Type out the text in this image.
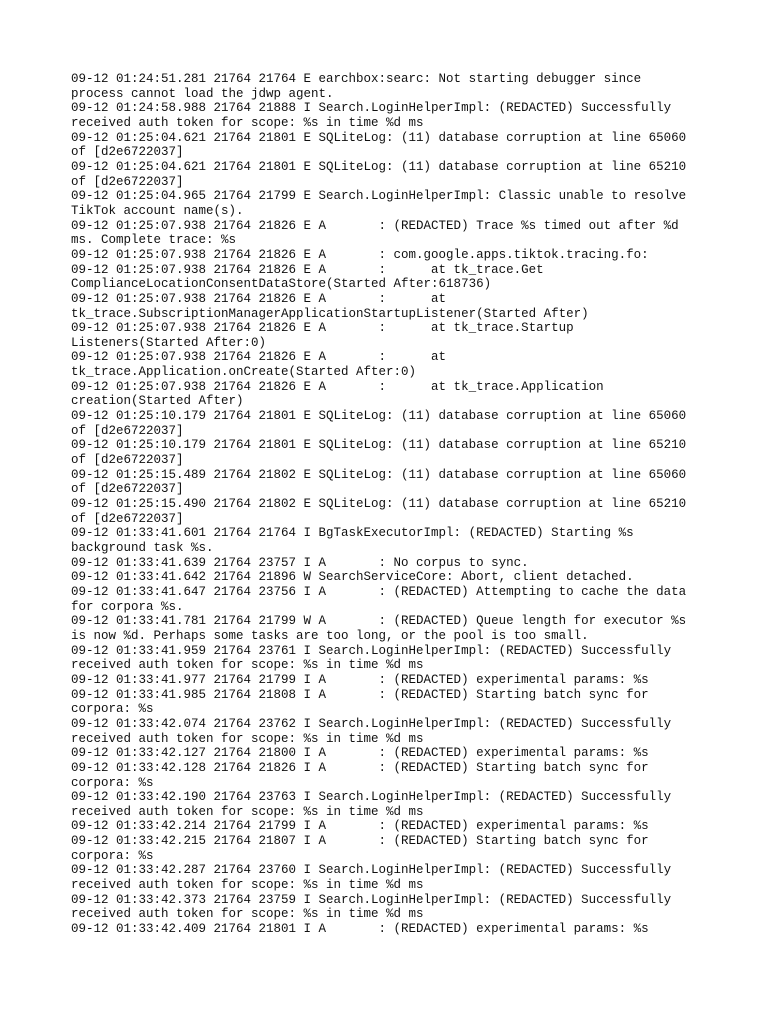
09-12 01:24:51.281 21764 21764 E earchbox:searc: Not starting debugger since
process cannot load the jdwp agent.
09-12 01:24:58.988 21764 21888 I Search.LoginHelperImpl: (REDACTED) Successfully
received auth token for scope: %s in time %d ms
09-12 01:25:04.621 21764 21801 E SQLiteLog: (11) database corruption at line 65060
of [d2e6722037]
09-12 01:25:04.621 21764 21801 E SQLiteLog: (11) database corruption at line 65210
of [d2e6722037]
09-12 01:25:04.965 21764 21799 E Search.LoginHelperImpl: Classic unable to resolve
TikTok account name(s).
09-12 01:25:07.938 21764 21826 E A       : (REDACTED) Trace %s timed out after %d
ms. Complete trace: %s
09-12 01:25:07.938 21764 21826 E A       : com.google.apps.tiktok.tracing.fo:
09-12 01:25:07.938 21764 21826 E A       :      at tk_trace.Get
ComplianceLocationConsentDataStore(Started After:618736)
09-12 01:25:07.938 21764 21826 E A       :      at
tk_trace.SubscriptionManagerApplicationStartupListener(Started After)
09-12 01:25:07.938 21764 21826 E A       :      at tk_trace.Startup
Listeners(Started After:0)
09-12 01:25:07.938 21764 21826 E A       :      at
tk_trace.Application.onCreate(Started After:0)
09-12 01:25:07.938 21764 21826 E A       :      at tk_trace.Application
creation(Started After)
09-12 01:25:10.179 21764 21801 E SQLiteLog: (11) database corruption at line 65060
of [d2e6722037]
09-12 01:25:10.179 21764 21801 E SQLiteLog: (11) database corruption at line 65210
of [d2e6722037]
09-12 01:25:15.489 21764 21802 E SQLiteLog: (11) database corruption at line 65060
of [d2e6722037]
09-12 01:25:15.490 21764 21802 E SQLiteLog: (11) database corruption at line 65210
of [d2e6722037]
09-12 01:33:41.601 21764 21764 I BgTaskExecutorImpl: (REDACTED) Starting %s
background task %s.
09-12 01:33:41.639 21764 23757 I A       : No corpus to sync.
09-12 01:33:41.642 21764 21896 W SearchServiceCore: Abort, client detached.
09-12 01:33:41.647 21764 23756 I A       : (REDACTED) Attempting to cache the data
for corpora %s.
09-12 01:33:41.781 21764 21799 W A       : (REDACTED) Queue length for executor %s
is now %d. Perhaps some tasks are too long, or the pool is too small.
09-12 01:33:41.959 21764 23761 I Search.LoginHelperImpl: (REDACTED) Successfully
received auth token for scope: %s in time %d ms
09-12 01:33:41.977 21764 21799 I A       : (REDACTED) experimental params: %s
09-12 01:33:41.985 21764 21808 I A       : (REDACTED) Starting batch sync for
corpora: %s
09-12 01:33:42.074 21764 23762 I Search.LoginHelperImpl: (REDACTED) Successfully
received auth token for scope: %s in time %d ms
09-12 01:33:42.127 21764 21800 I A       : (REDACTED) experimental params: %s
09-12 01:33:42.128 21764 21826 I A       : (REDACTED) Starting batch sync for
corpora: %s
09-12 01:33:42.190 21764 23763 I Search.LoginHelperImpl: (REDACTED) Successfully
received auth token for scope: %s in time %d ms
09-12 01:33:42.214 21764 21799 I A       : (REDACTED) experimental params: %s
09-12 01:33:42.215 21764 21807 I A       : (REDACTED) Starting batch sync for
corpora: %s
09-12 01:33:42.287 21764 23760 I Search.LoginHelperImpl: (REDACTED) Successfully
received auth token for scope: %s in time %d ms
09-12 01:33:42.373 21764 23759 I Search.LoginHelperImpl: (REDACTED) Successfully
received auth token for scope: %s in time %d ms
09-12 01:33:42.409 21764 21801 I A       : (REDACTED) experimental params: %s
